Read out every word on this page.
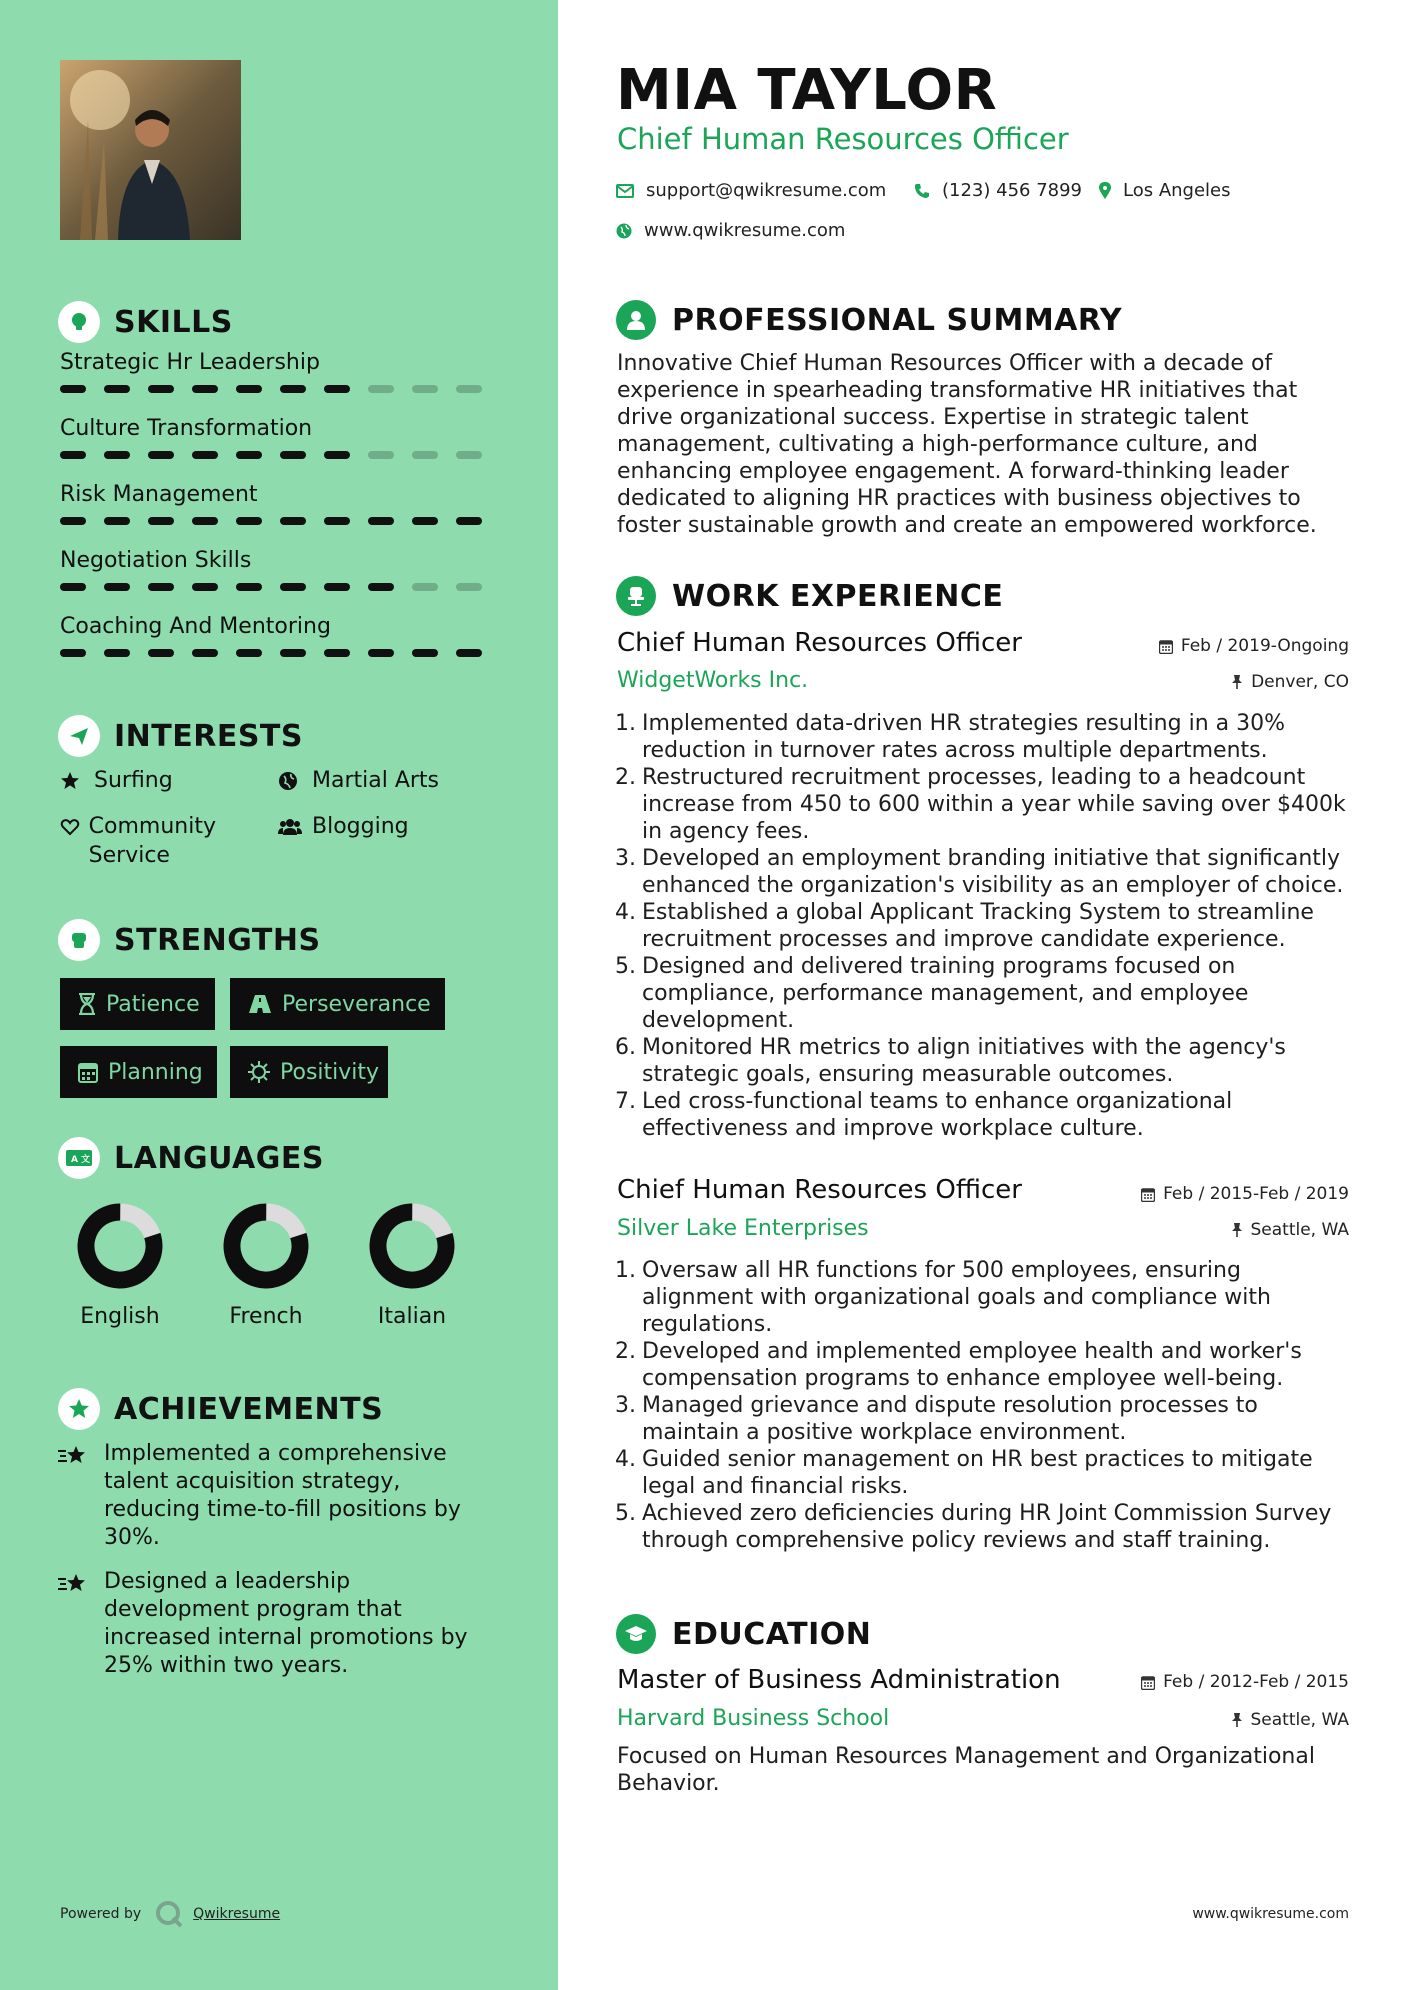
SKILLS
Strategic Hr Leadership
Culture Transformation
Risk Management
Negotiation Skills
Coaching And Mentoring
INTERESTS
Surfing	Martial Arts
Community Service
Blogging
STRENGTHS
Patience	Perseverance
Planning	Positivity
A 文 LANGUAGES
English	French	Italian
ACHIEVEMENTS
Implemented a comprehensive talent acquisition strategy, reducing time-to-fill positions by 30%.
Designed a leadership development program that increased internal promotions by 25% within two years.
Powered by	Qwikresume
MIA TAYLOR
Chief Human Resources Officer
support@qwikresume.com	(123) 456 7899 Los Angeles
www.qwikresume.com
PROFESSIONAL SUMMARY
Innovative Chief Human Resources Officer with a decade of experience in spearheading transformative HR initiatives that drive organizational success. Expertise in strategic talent management, cultivating a high-performance culture, and enhancing employee engagement. A forward-thinking leader dedicated to aligning HR practices with business objectives to foster sustainable growth and create an empowered workforce.
WORK EXPERIENCE
Chief Human Resources Officer	Feb / 2019-Ongoing
WidgetWorks Inc.	Denver, CO
1. Implemented data-driven HR strategies resulting in a 30% reduction in turnover rates across multiple departments.
2. Restructured recruitment processes, leading to a headcount increase from 450 to 600 within a year while saving over $400k in agency fees.
3. Developed an employment branding initiative that significantly enhanced the organization's visibility as an employer of choice.
4. Established a global Applicant Tracking System to streamline recruitment processes and improve candidate experience.
5. Designed and delivered training programs focused on compliance, performance management, and employee development.
6. Monitored HR metrics to align initiatives with the agency's strategic goals, ensuring measurable outcomes.
7. Led cross-functional teams to enhance organizational effectiveness and improve workplace culture.
Chief Human Resources Officer	Feb / 2015-Feb / 2019
Silver Lake Enterprises	Seattle, WA
1. Oversaw all HR functions for 500 employees, ensuring alignment with organizational goals and compliance with regulations.
2. Developed and implemented employee health and worker's compensation programs to enhance employee well-being.
3. Managed grievance and dispute resolution processes to maintain a positive workplace environment.
4. Guided senior management on HR best practices to mitigate legal and financial risks.
5. Achieved zero deficiencies during HR Joint Commission Survey through comprehensive policy reviews and staff training.
EDUCATION
Master of Business Administration	Feb / 2012-Feb / 2015
Harvard Business School	Seattle, WA
Focused on Human Resources Management and Organizational Behavior.
www.qwikresume.com
